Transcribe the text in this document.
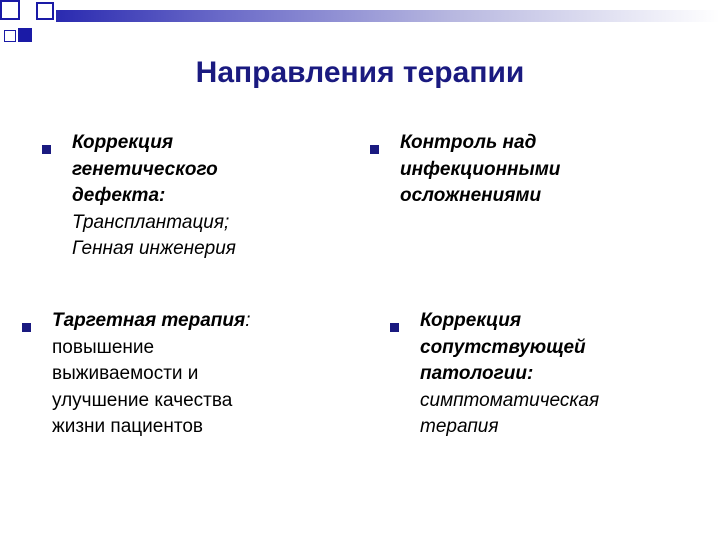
Направления терапии
Коррекция
генетического
дефекта:
Трансплантация;
Генная инженерия
Контроль над
инфекционными
осложнениями
Таргетная терапия:
повышение
выживаемости и
улучшение качества
жизни пациентов
Коррекция
сопутствующей
патологии:
симптоматическая
терапия
